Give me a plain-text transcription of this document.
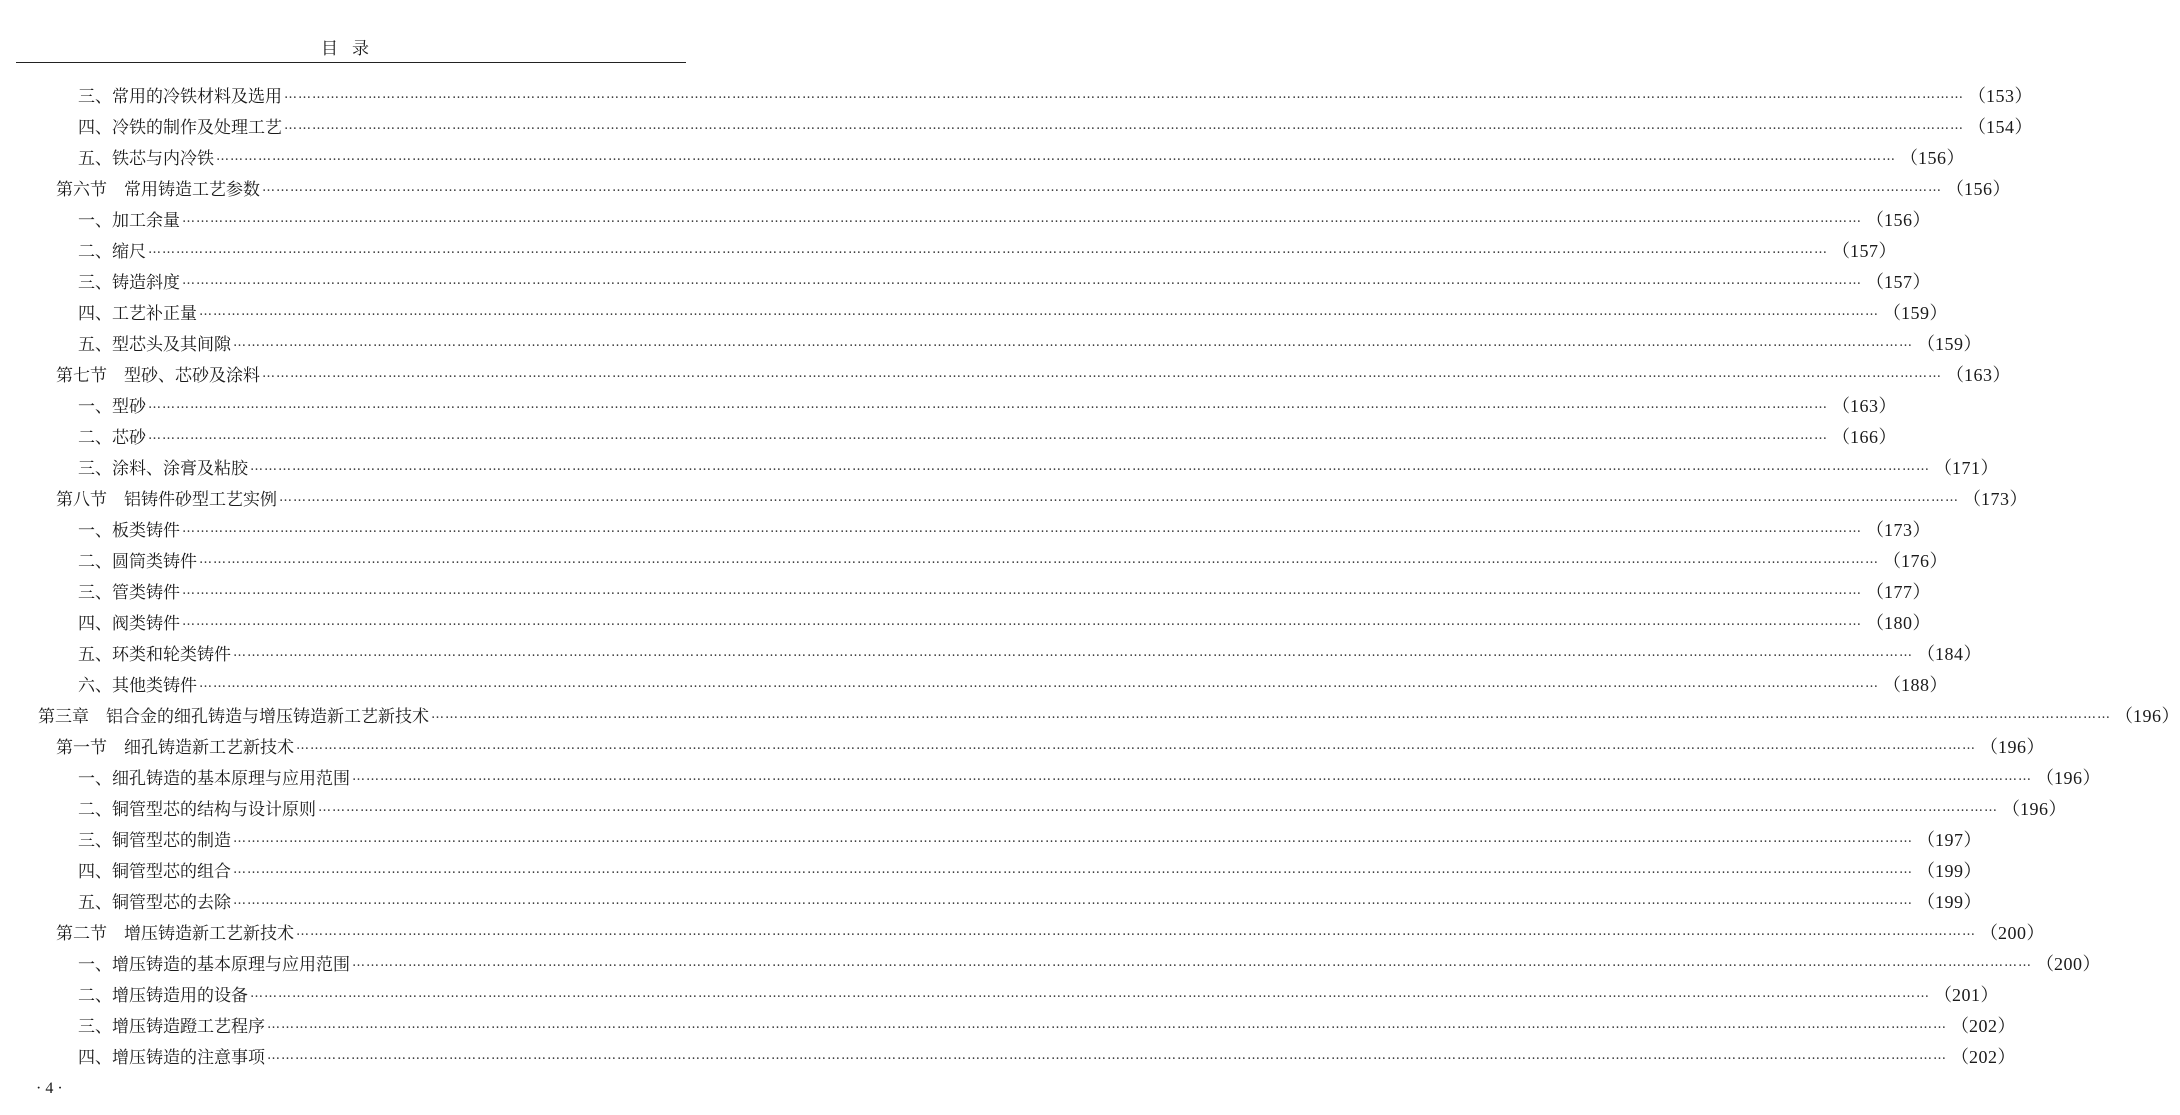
目录
三、常用的冷铁材料及选用 ……………………………………………………………………………………………………………………………………………………………………………………………………………………………………………………………………………………………………………………………… （153）
四、冷铁的制作及处理工艺 ……………………………………………………………………………………………………………………………………………………………………………………………………………………………………………………………………………………………………………………………… （154）
五、铁芯与内冷铁 ……………………………………………………………………………………………………………………………………………………………………………………………………………………………………………………………………………………………………………………………… （156）
第六节　常用铸造工艺参数 ……………………………………………………………………………………………………………………………………………………………………………………………………………………………………………………………………………………………………………………………… （156）
一、加工余量 ……………………………………………………………………………………………………………………………………………………………………………………………………………………………………………………………………………………………………………………………… （156）
二、缩尺 ……………………………………………………………………………………………………………………………………………………………………………………………………………………………………………………………………………………………………………………………… （157）
三、铸造斜度 ……………………………………………………………………………………………………………………………………………………………………………………………………………………………………………………………………………………………………………………………… （157）
四、工艺补正量 ……………………………………………………………………………………………………………………………………………………………………………………………………………………………………………………………………………………………………………………………… （159）
五、型芯头及其间隙 ……………………………………………………………………………………………………………………………………………………………………………………………………………………………………………………………………………………………………………………………… （159）
第七节　型砂、芯砂及涂料 ……………………………………………………………………………………………………………………………………………………………………………………………………………………………………………………………………………………………………………………………… （163）
一、型砂 ……………………………………………………………………………………………………………………………………………………………………………………………………………………………………………………………………………………………………………………………… （163）
二、芯砂 ……………………………………………………………………………………………………………………………………………………………………………………………………………………………………………………………………………………………………………………………… （166）
三、涂料、涂膏及粘胶 ……………………………………………………………………………………………………………………………………………………………………………………………………………………………………………………………………………………………………………………………… （171）
第八节　铝铸件砂型工艺实例 ……………………………………………………………………………………………………………………………………………………………………………………………………………………………………………………………………………………………………………………………… （173）
一、板类铸件 ……………………………………………………………………………………………………………………………………………………………………………………………………………………………………………………………………………………………………………………………… （173）
二、圆筒类铸件 ……………………………………………………………………………………………………………………………………………………………………………………………………………………………………………………………………………………………………………………………… （176）
三、管类铸件 ……………………………………………………………………………………………………………………………………………………………………………………………………………………………………………………………………………………………………………………………… （177）
四、阀类铸件 ……………………………………………………………………………………………………………………………………………………………………………………………………………………………………………………………………………………………………………………………… （180）
五、环类和轮类铸件 ……………………………………………………………………………………………………………………………………………………………………………………………………………………………………………………………………………………………………………………………… （184）
六、其他类铸件 ……………………………………………………………………………………………………………………………………………………………………………………………………………………………………………………………………………………………………………………………… （188）
第三章　铝合金的细孔铸造与增压铸造新工艺新技术 ……………………………………………………………………………………………………………………………………………………………………………………………………………………………………………………………………………………………………………………………… （196）
第一节　细孔铸造新工艺新技术 ……………………………………………………………………………………………………………………………………………………………………………………………………………………………………………………………………………………………………………………………… （196）
一、细孔铸造的基本原理与应用范围 ……………………………………………………………………………………………………………………………………………………………………………………………………………………………………………………………………………………………………………………………… （196）
二、铜管型芯的结构与设计原则 ……………………………………………………………………………………………………………………………………………………………………………………………………………………………………………………………………………………………………………………………… （196）
三、铜管型芯的制造 ……………………………………………………………………………………………………………………………………………………………………………………………………………………………………………………………………………………………………………………………… （197）
四、铜管型芯的组合 ……………………………………………………………………………………………………………………………………………………………………………………………………………………………………………………………………………………………………………………………… （199）
五、铜管型芯的去除 ……………………………………………………………………………………………………………………………………………………………………………………………………………………………………………………………………………………………………………………………… （199）
第二节　增压铸造新工艺新技术 ……………………………………………………………………………………………………………………………………………………………………………………………………………………………………………………………………………………………………………………………… （200）
一、增压铸造的基本原理与应用范围 ……………………………………………………………………………………………………………………………………………………………………………………………………………………………………………………………………………………………………………………………… （200）
二、增压铸造用的设备 ……………………………………………………………………………………………………………………………………………………………………………………………………………………………………………………………………………………………………………………………… （201）
三、增压铸造蹬工艺程序 ……………………………………………………………………………………………………………………………………………………………………………………………………………………………………………………………………………………………………………………………… （202）
四、增压铸造的注意事项 ……………………………………………………………………………………………………………………………………………………………………………………………………………………………………………………………………………………………………………………………… （202）
· 4 ·
